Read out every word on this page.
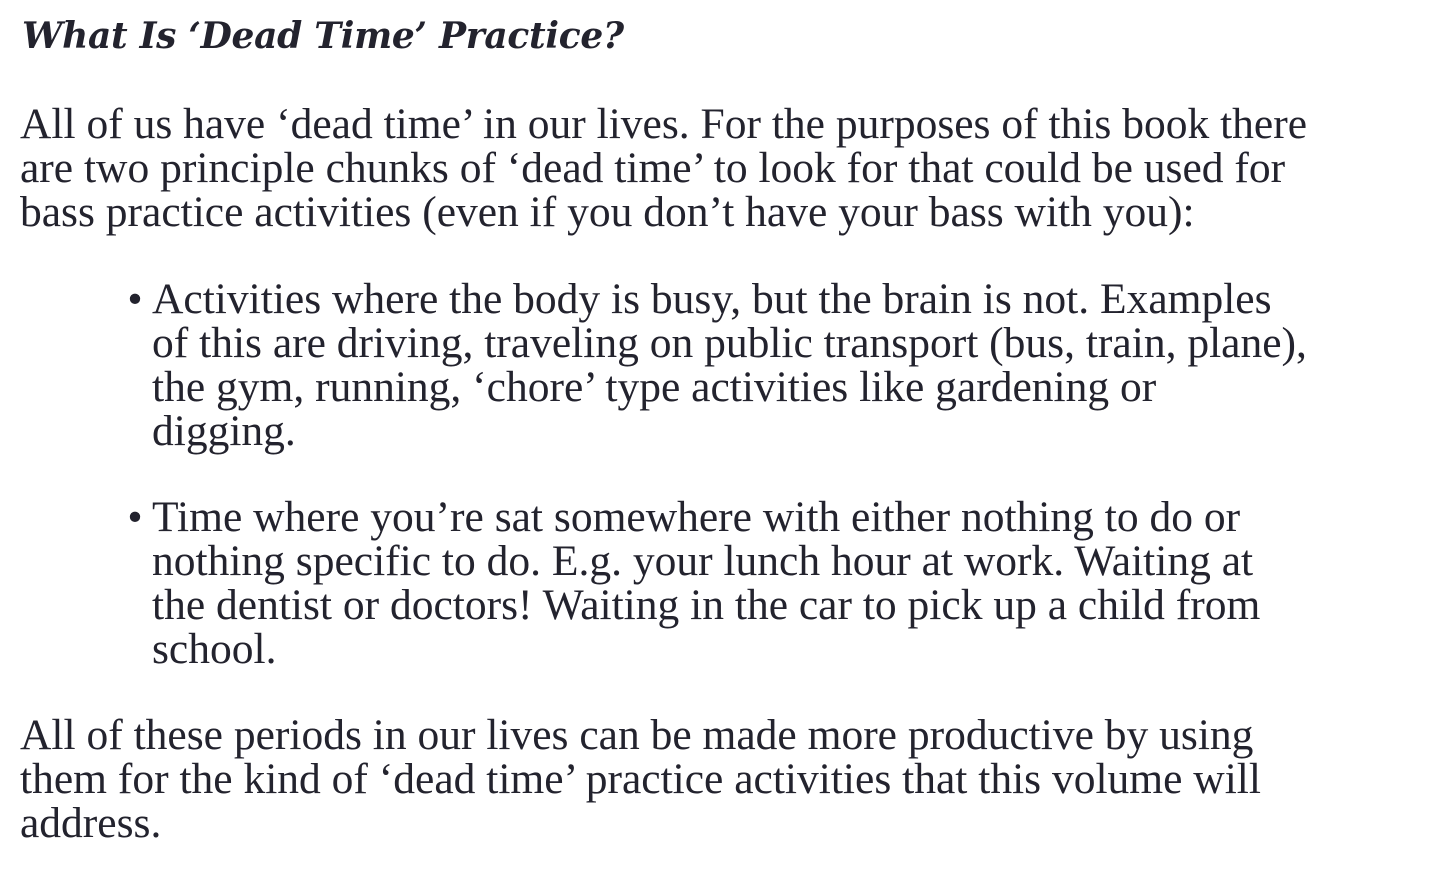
What Is ‘Dead Time’ Practice?

All of us have ‘dead time’ in our lives. For the purposes of this book there
are two principle chunks of ‘dead time’ to look for that could be used for
bass practice activities (even if you don’t have your bass with you):

• Activities where the body is busy, but the brain is not. Examples
of this are driving, traveling on public transport (bus, train, plane),
the gym, running, ‘chore’ type activities like gardening or
digging.
• Time where you’re sat somewhere with either nothing to do or
nothing specific to do. E.g. your lunch hour at work. Waiting at
the dentist or doctors! Waiting in the car to pick up a child from
school.

All of these periods in our lives can be made more productive by using
them for the kind of ‘dead time’ practice activities that this volume will
address.
